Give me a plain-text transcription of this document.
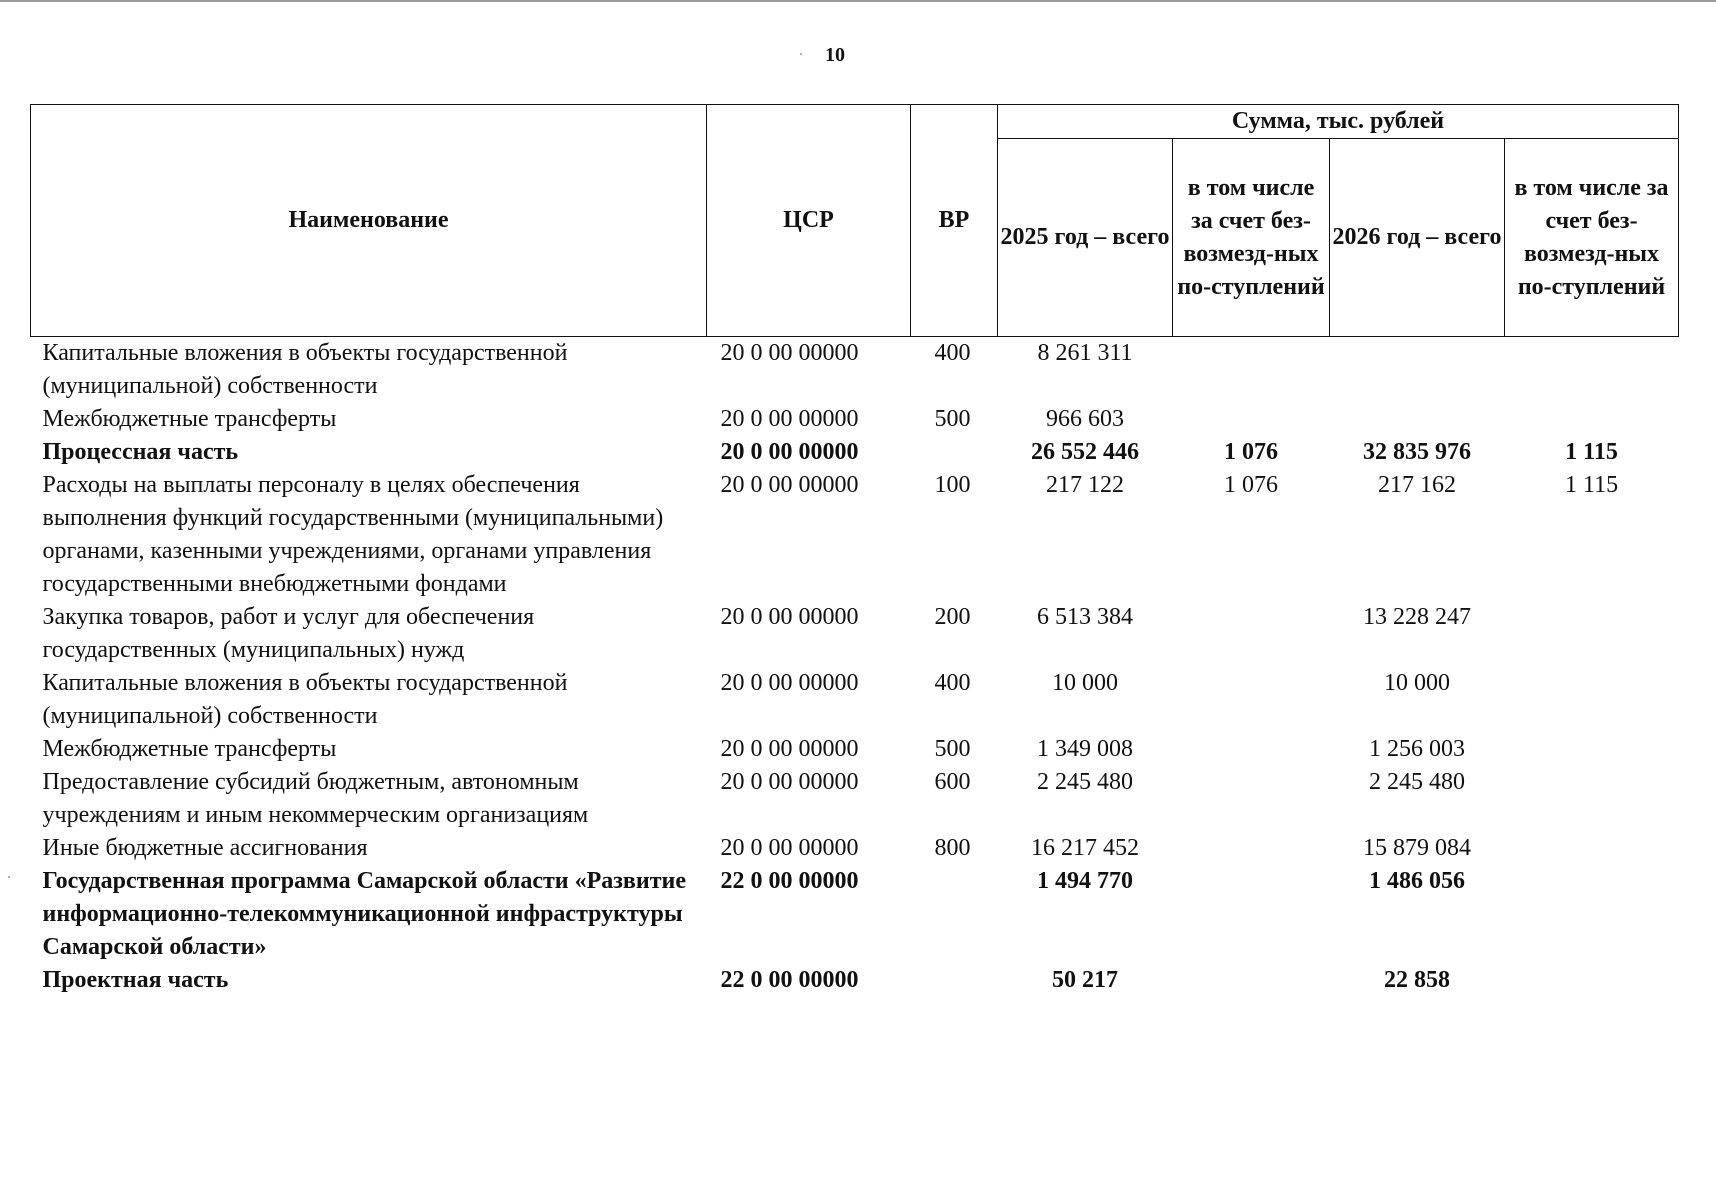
10
Наименование	ЦСР	ВР	Сумма, тыс. рублей			
			2025 год – всего	в том числе за счет без-возмезд-ных по-ступлений	2026 год – всего	в том числе за счет без-возмезд-ных по-ступлений
Капитальные вложения в объекты государственной (муниципальной) собственности	20 0 00 00000	400	8 261 311			
Межбюджетные трансферты	20 0 00 00000	500	966 603			
Процессная часть	20 0 00 00000		26 552 446	1 076	32 835 976	1 115
Расходы на выплаты персоналу в целях обеспечения выполнения функций государственными (муниципальными) органами, казенными учреждениями, органами управления государственными внебюджетными фондами	20 0 00 00000	100	217 122	1 076	217 162	1 115
Закупка товаров, работ и услуг для обеспечения государственных (муниципальных) нужд	20 0 00 00000	200	6 513 384		13 228 247	
Капитальные вложения в объекты государственной (муниципальной) собственности	20 0 00 00000	400	10 000		10 000	
Межбюджетные трансферты	20 0 00 00000	500	1 349 008		1 256 003	
Предоставление субсидий бюджетным, автономным учреждениям и иным некоммерческим организациям	20 0 00 00000	600	2 245 480		2 245 480	
Иные бюджетные ассигнования	20 0 00 00000	800	16 217 452		15 879 084	
Государственная программа Самарской области «Развитие информационно-телекоммуникационной инфраструктуры Самарской области»	22 0 00 00000		1 494 770		1 486 056	
Проектная часть	22 0 00 00000		50 217		22 858	
